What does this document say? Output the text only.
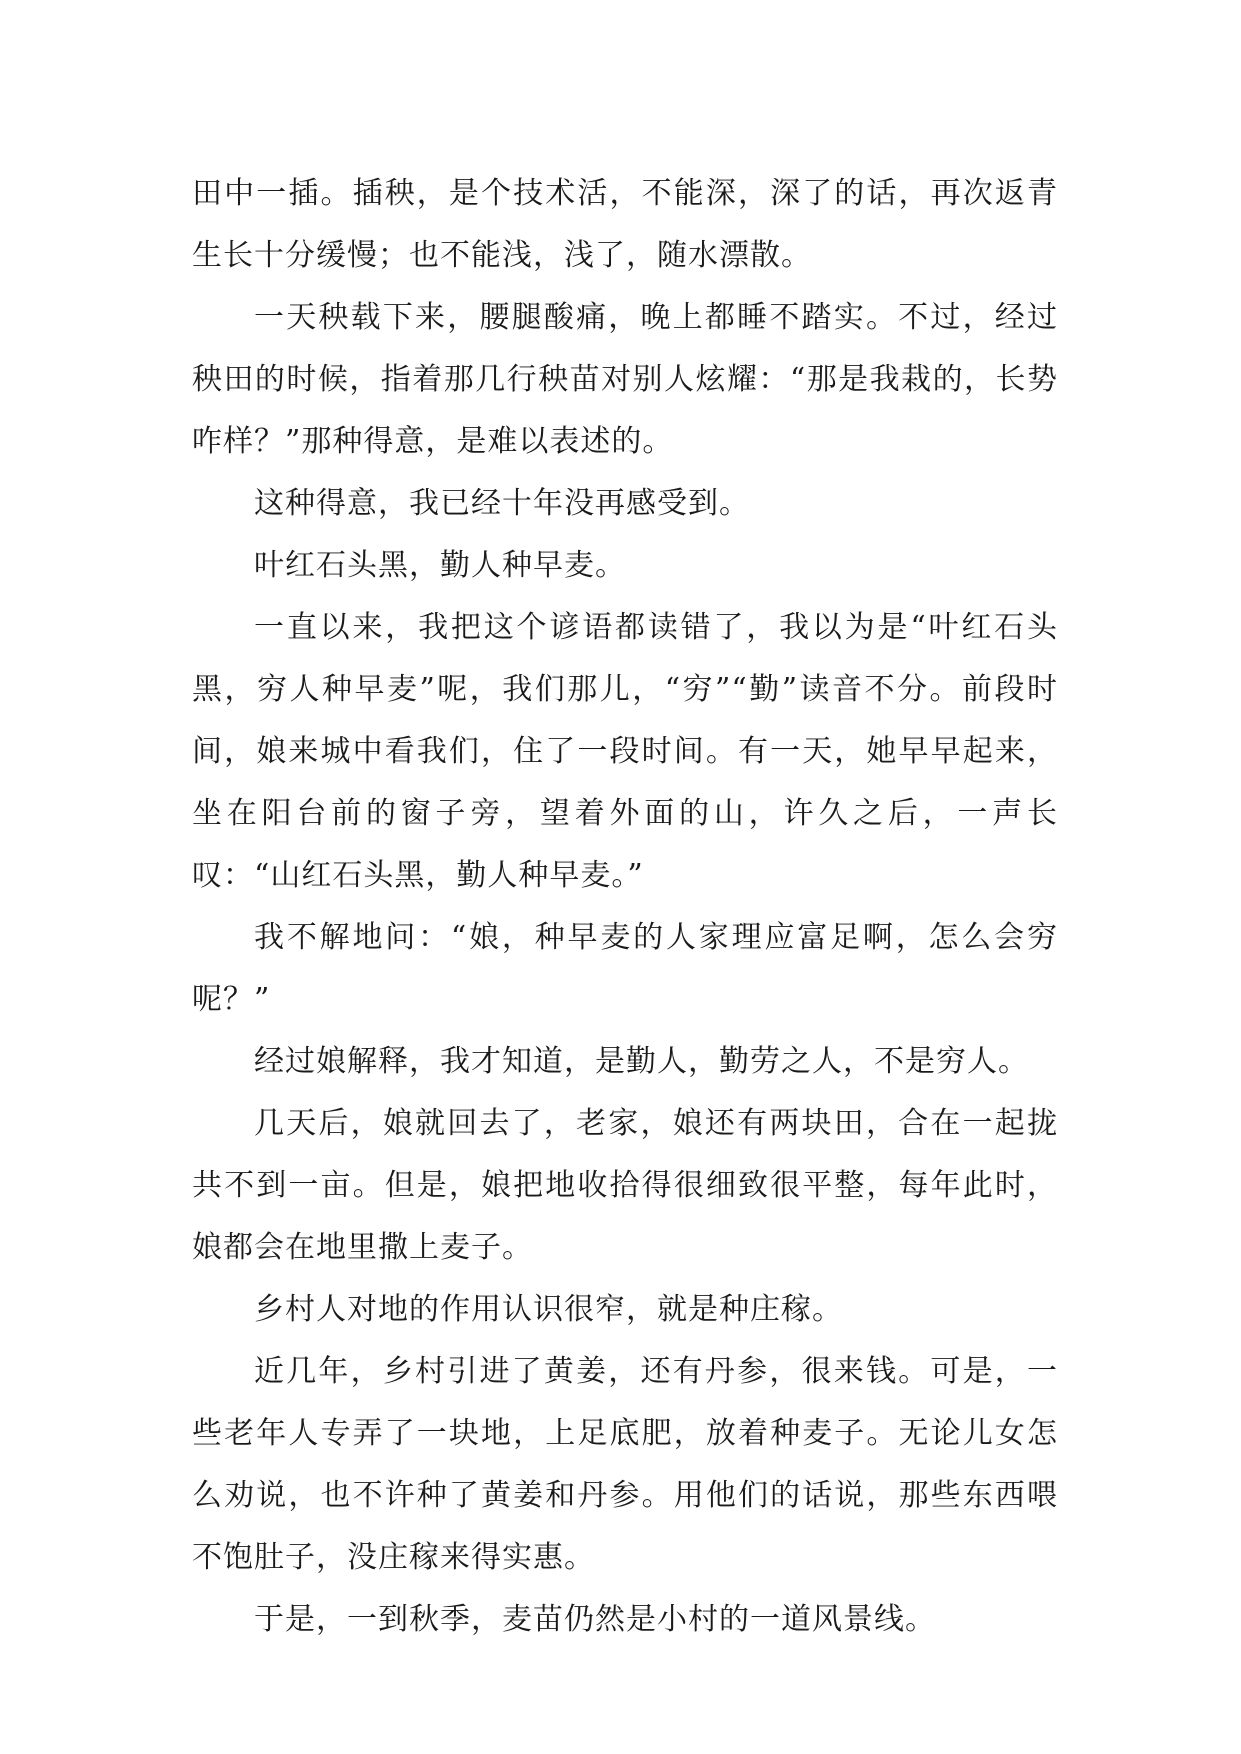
田中一插。插秧，是个技术活，不能深，深了的话，再次返青生长十分缓慢；也不能浅，浅了，随水漂散。

一天秧载下来，腰腿酸痛，晚上都睡不踏实。不过，经过秧田的时候，指着那几行秧苗对别人炫耀：“那是我栽的，长势咋样？”那种得意，是难以表述的。

这种得意，我已经十年没再感受到。

叶红石头黑，勤人种早麦。

一直以来，我把这个谚语都读错了，我以为是“叶红石头黑，穷人种早麦”呢，我们那儿，“穷”“勤”读音不分。前段时间，娘来城中看我们，住了一段时间。有一天，她早早起来，坐在阳台前的窗子旁，望着外面的山，许久之后，一声长叹：“山红石头黑，勤人种早麦。”

我不解地问：“娘，种早麦的人家理应富足啊，怎么会穷呢？”

经过娘解释，我才知道，是勤人，勤劳之人，不是穷人。

几天后，娘就回去了，老家，娘还有两块田，合在一起拢共不到一亩。但是，娘把地收拾得很细致很平整，每年此时，娘都会在地里撒上麦子。

乡村人对地的作用认识很窄，就是种庄稼。

近几年，乡村引进了黄姜，还有丹参，很来钱。可是，一些老年人专弄了一块地，上足底肥，放着种麦子。无论儿女怎么劝说，也不许种了黄姜和丹参。用他们的话说，那些东西喂不饱肚子，没庄稼来得实惠。

于是，一到秋季，麦苗仍然是小村的一道风景线。
